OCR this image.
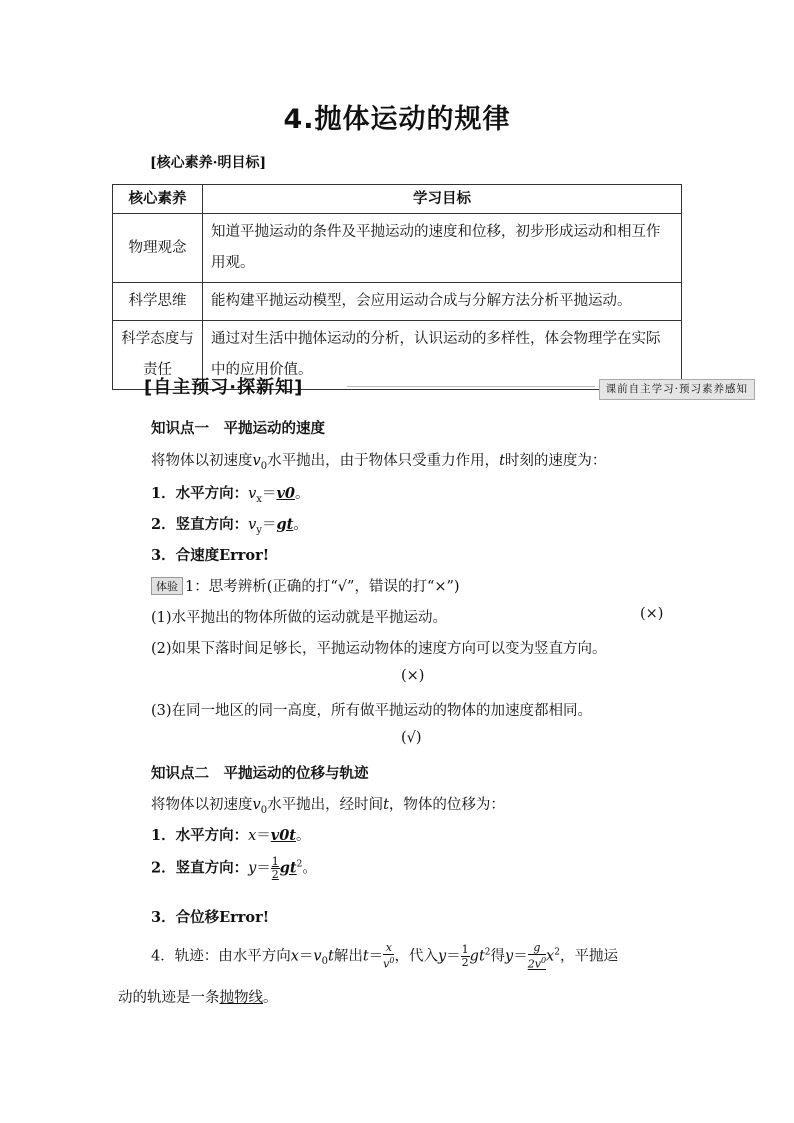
4.抛体运动的规律
[核心素养·明目标]
核心素养	学习目标
物理观念	知道平抛运动的条件及平抛运动的速度和位移，初步形成运动和相互作用观。
科学思维	能构建平抛运动模型，会应用运动合成与分解方法分析平抛运动。
科学态度与责任	通过对生活中抛体运动的分析，认识运动的多样性，体会物理学在实际中的应用价值。
[自主预习·探新知]	课前自主学习·预习素养感知
知识点一　平抛运动的速度
将物体以初速度$v_0$水平抛出，由于物体只受重力作用，t时刻的速度为：
1．水平方向：$v_x=v0$。
2．竖直方向：$v_y=gt$。
3．合速度Error!
体验 1：思考辨析(正确的打“√”，错误的打“×”)
(1)水平抛出的物体所做的运动就是平抛运动。	(×)
(2)如果下落时间足够长，平抛运动物体的速度方向可以变为竖直方向。
(×)
(3)在同一地区的同一高度，所有做平抛运动的物体的加速度都相同。
(√)
知识点二　平抛运动的位移与轨迹
将物体以初速度$v_0$水平抛出，经时间t，物体的位移为：
1．水平方向：x＝v0t。
2．竖直方向：$y= \frac{1}{2} gt^2$。
3．合位移Error!
4．轨迹：由水平方向$x=v_0t$解出$t= \frac{x}{v^0}$ ，代入$y= \frac{1}{2} gt^2$得$y= \frac{g}{2v^0} x^2$，平抛运
动的轨迹是一条抛物线。
